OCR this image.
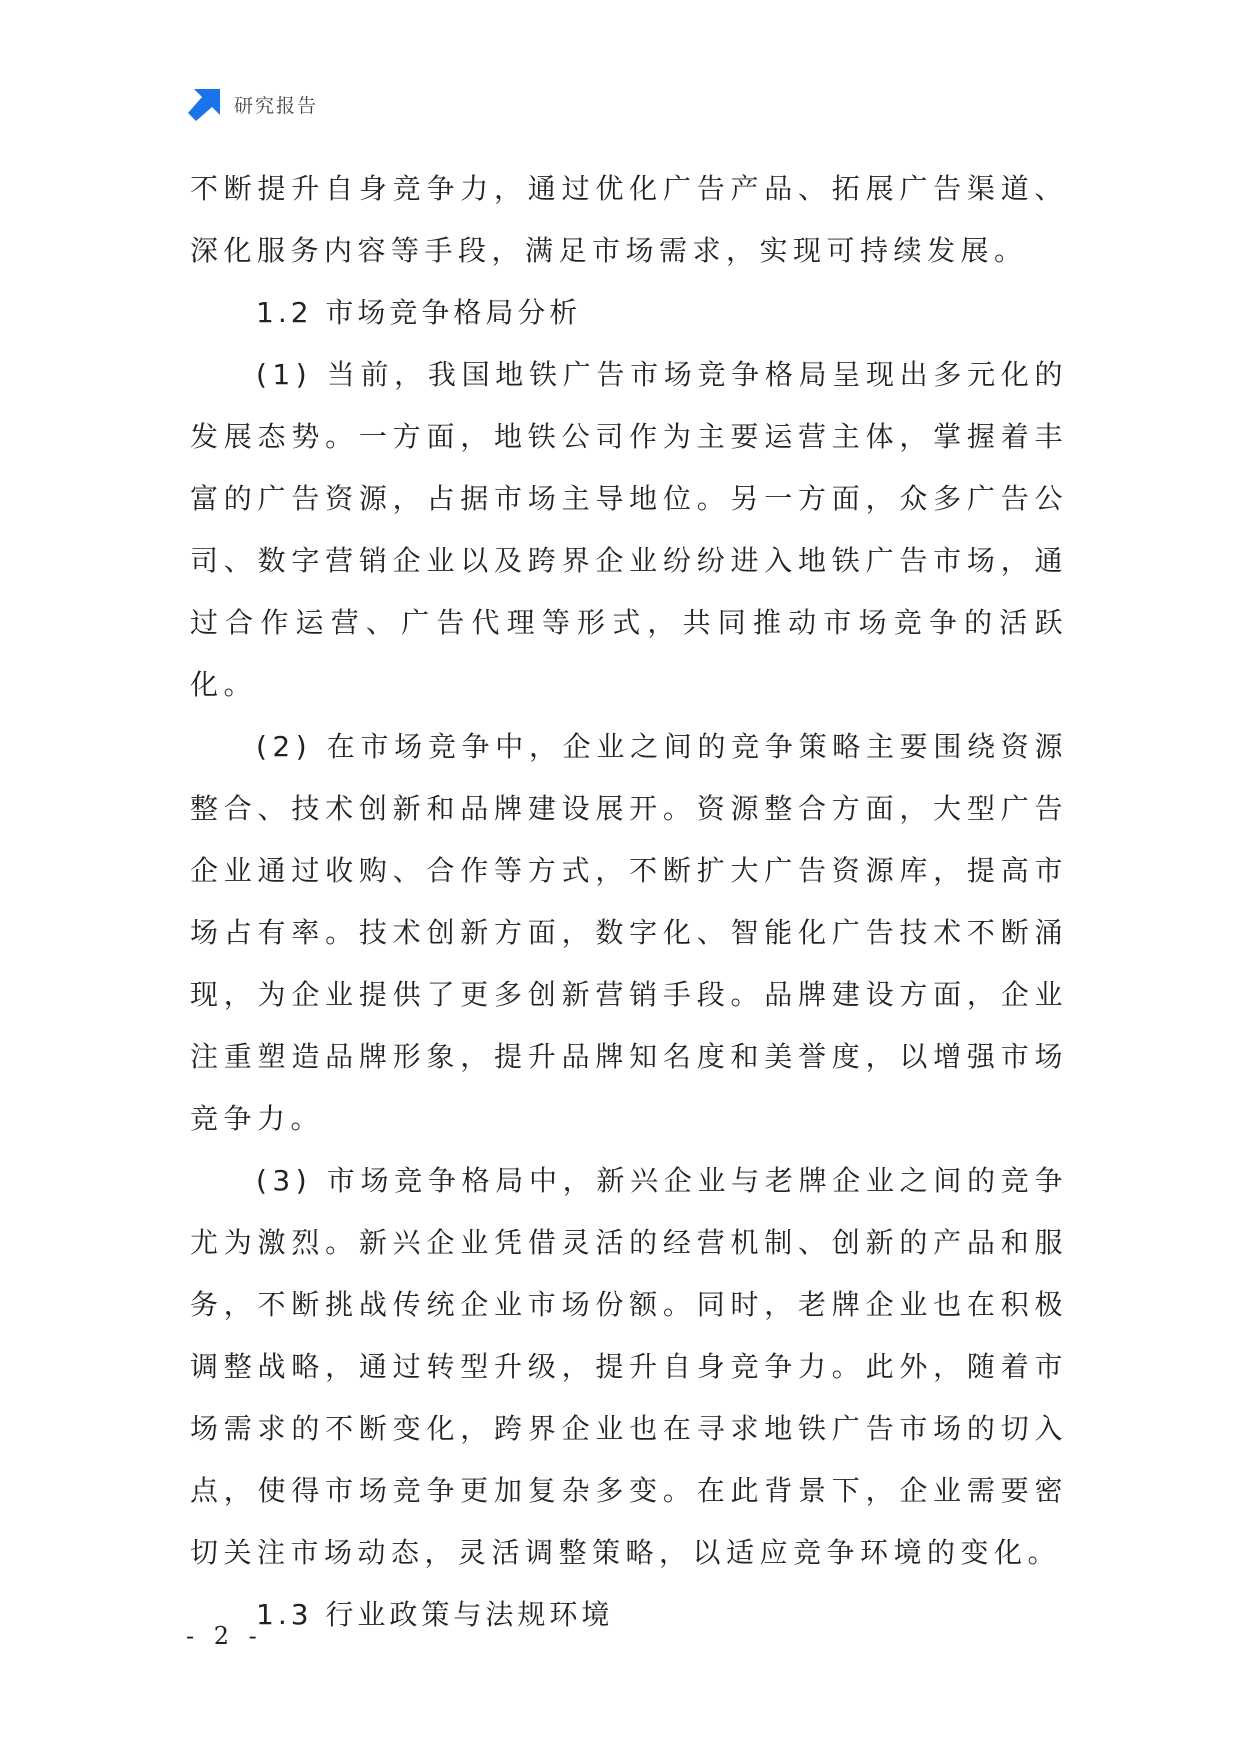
研究报告

不断提升自身竞争力，通过优化广告产品、拓展广告渠道、深化服务内容等手段，满足市场需求，实现可持续发展。

1.2 市场竞争格局分析

(1) 当前，我国地铁广告市场竞争格局呈现出多元化的发展态势。一方面，地铁公司作为主要运营主体，掌握着丰富的广告资源，占据市场主导地位。另一方面，众多广告公司、数字营销企业以及跨界企业纷纷进入地铁广告市场，通过合作运营、广告代理等形式，共同推动市场竞争的活跃化。

(2) 在市场竞争中，企业之间的竞争策略主要围绕资源整合、技术创新和品牌建设展开。资源整合方面，大型广告企业通过收购、合作等方式，不断扩大广告资源库，提高市场占有率。技术创新方面，数字化、智能化广告技术不断涌现，为企业提供了更多创新营销手段。品牌建设方面，企业注重塑造品牌形象，提升品牌知名度和美誉度，以增强市场竞争力。

(3) 市场竞争格局中，新兴企业与老牌企业之间的竞争尤为激烈。新兴企业凭借灵活的经营机制、创新的产品和服务，不断挑战传统企业市场份额。同时，老牌企业也在积极调整战略，通过转型升级，提升自身竞争力。此外，随着市场需求的不断变化，跨界企业也在寻求地铁广告市场的切入点，使得市场竞争更加复杂多变。在此背景下，企业需要密切关注市场动态，灵活调整策略，以适应竞争环境的变化。

1.3 行业政策与法规环境

- 2 -
